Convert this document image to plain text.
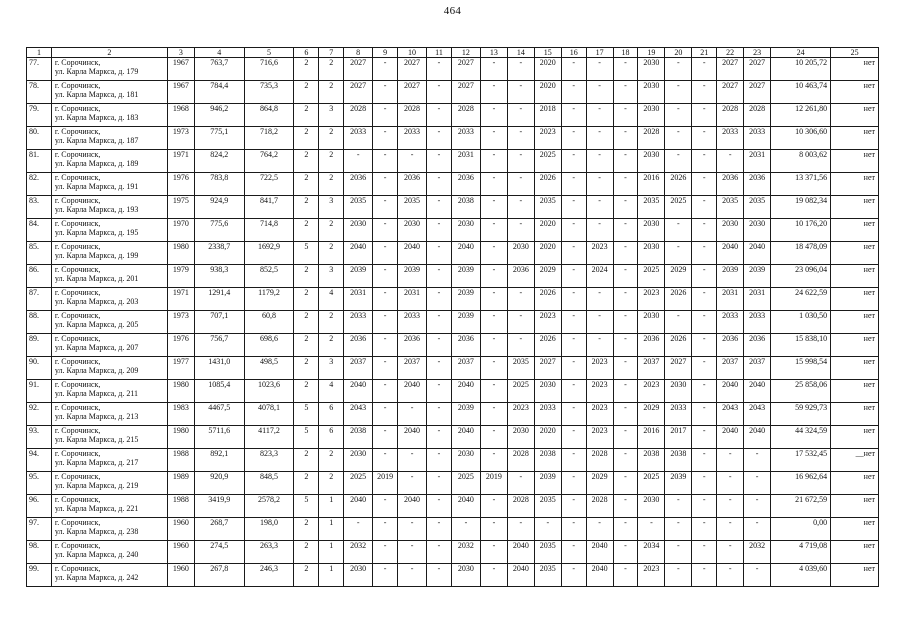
464
1	2	3	4	5	6	7	8	9	10	11	12	13	14	15	16	17	18	19	20	21	22	23	24	25
77.	г. Сорочинск,
ул. Карла Маркса, д. 179	1967	763,7	716,6	2	2	2027	-	2027	-	2027	-	-	2020	-	-	-	2030	-	-	2027	2027	10 205,72	нет
78.	г. Сорочинск,
ул. Карла Маркса, д. 181	1967	784,4	735,3	2	2	2027	-	2027	-	2027	-	-	2020	-	-	-	2030	-	-	2027	2027	10 463,74	нет
79.	г. Сорочинск,
ул. Карла Маркса, д. 183	1968	946,2	864,8	2	3	2028	-	2028	-	2028	-	-	2018	-	-	-	2030	-	-	2028	2028	12 261,80	нет
80.	г. Сорочинск,
ул. Карла Маркса, д. 187	1973	775,1	718,2	2	2	2033	-	2033	-	2033	-	-	2023	-	-	-	2028	-	-	2033	2033	10 306,60	нет
81.	г. Сорочинск,
ул. Карла Маркса, д. 189	1971	824,2	764,2	2	2	-	-	-	-	2031	-	-	2025	-	-	-	2030	-	-	-	2031	8 003,62	нет
82.	г. Сорочинск,
ул. Карла Маркса, д. 191	1976	783,8	722,5	2	2	2036	-	2036	-	2036	-	-	2026	-	-	-	2016	2026	-	2036	2036	13 371,56	нет
83.	г. Сорочинск,
ул. Карла Маркса, д. 193	1975	924,9	841,7	2	3	2035	-	2035	-	2038	-	-	2035	-	-	-	2035	2025	-	2035	2035	19 082,34	нет
84.	г. Сорочинск,
ул. Карла Маркса, д. 195	1970	775,6	714,8	2	2	2030	-	2030	-	2030	-	-	2020	-	-	-	2030	-	-	2030	2030	10 176,20	нет
85.	г. Сорочинск,
ул. Карла Маркса, д. 199	1980	2338,7	1692,9	5	2	2040	-	2040	-	2040	-	2030	2020	-	2023	-	2030	-	-	2040	2040	18 478,09	нет
86.	г. Сорочинск,
ул. Карла Маркса, д. 201	1979	938,3	852,5	2	3	2039	-	2039	-	2039	-	2036	2029	-	2024	-	2025	2029	-	2039	2039	23 096,04	нет
87.	г. Сорочинск,
ул. Карла Маркса, д. 203	1971	1291,4	1179,2	2	4	2031	-	2031	-	2039	-	-	2026	-	-	-	2023	2026	-	2031	2031	24 622,59	нет
88.	г. Сорочинск,
ул. Карла Маркса, д. 205	1973	707,1	60,8	2	2	2033	-	2033	-	2039	-	-	2023	-	-	-	2030	-	-	2033	2033	1 030,50	нет
89.	г. Сорочинск,
ул. Карла Маркса, д. 207	1976	756,7	698,6	2	2	2036	-	2036	-	2036	-	-	2026	-	-	-	2036	2026	-	2036	2036	15 838,10	нет
90.	г. Сорочинск,
ул. Карла Маркса, д. 209	1977	1431,0	498,5	2	3	2037	-	2037	-	2037	-	2035	2027	-	2023	-	2037	2027	-	2037	2037	15 998,54	нет
91.	г. Сорочинск,
ул. Карла Маркса, д. 211	1980	1085,4	1023,6	2	4	2040	-	2040	-	2040	-	2025	2030	-	2023	-	2023	2030	-	2040	2040	25 858,06	нет
92.	г. Сорочинск,
ул. Карла Маркса, д. 213	1983	4467,5	4078,1	5	6	2043	-	-	-	2039	-	2023	2033	-	2023	-	2029	2033	-	2043	2043	59 929,73	нет
93.	г. Сорочинск,
ул. Карла Маркса, д. 215	1980	5711,6	4117,2	5	6	2038	-	2040	-	2040	-	2030	2020	-	2023	-	2016	2017	-	2040	2040	44 324,59	нет
94.	г. Сорочинск,
ул. Карла Маркса, д. 217	1988	892,1	823,3	2	2	2030	-	-	-	2030	-	2028	2038	-	2028	-	2038	2038	-	-	-	17 532,45	__нет
95.	г. Сорочинск,
ул. Карла Маркса, д. 219	1989	920,9	848,5	2	2	2025	2019	-	-	2025	2019	-	2039	-	2029	-	2025	2039	-	-	-	16 962,64	нет
96.	г. Сорочинск,
ул. Карла Маркса, д. 221	1988	3419,9	2578,2	5	1	2040	-	2040	-	2040	-	2028	2035	-	2028	-	2030	-	-	-	-	21 672,59	нет
97.	г. Сорочинск,
ул. Карла Маркса, д. 238	1960	268,7	198,0	2	1	-	-	-	-	-	-	-	-	-	-	-	-	-	-	-	-	0,00	нет
98.	г. Сорочинск,
ул. Карла Маркса, д. 240	1960	274,5	263,3	2	1	2032	-	-	-	2032	-	2040	2035	-	2040	-	2034	-	-	-	2032	4 719,08	нет
99.	г. Сорочинск,
ул. Карла Маркса, д. 242	1960	267,8	246,3	2	1	2030	-	-	-	2030	-	2040	2035	-	2040	-	2023	-	-	-	-	4 039,60	нет
